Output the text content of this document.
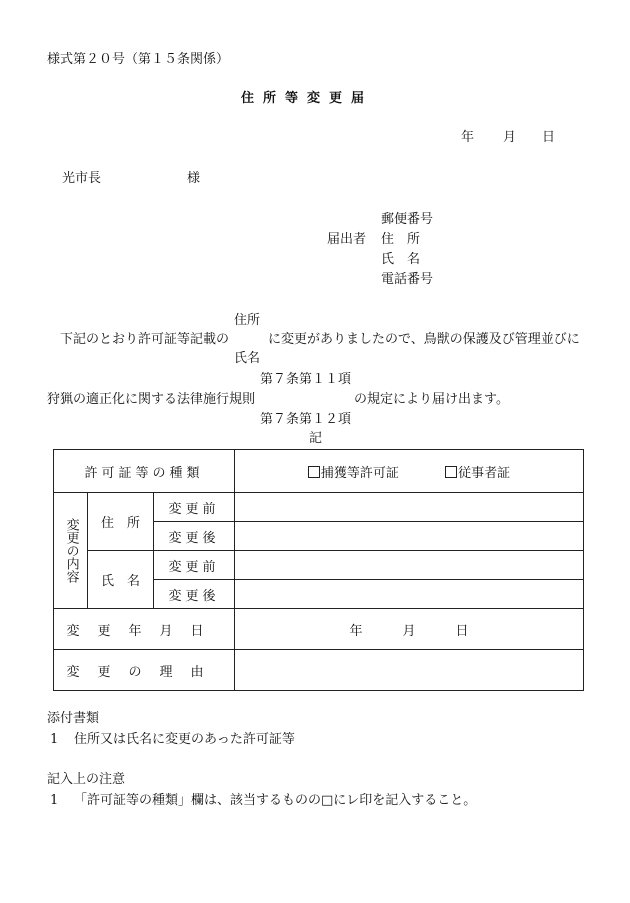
様式第２０号（第１５条関係）
住所等変更届
年 月 日
光市長	様
郵便番号
届出者 住　所
氏　名
電話番号
住所
下記のとおり許可証等記載の	に変更がありましたので、鳥獣の保護及び管理並びに
氏名
第７条第１１項
狩猟の適正化に関する法律施行規則	の規定により届け出ます。
第７条第１２項
記
許可証等の種類			捕獲等許可証 従事者証

変更の内容	住　所	変更前	
		変更後	
	氏　名	変更前	
		変更後	
変更年月日			年 月 日
変更の理由			
添付書類
1 住所又は氏名に変更のあった許可証等
記入上の注意
1 「許可証等の種類」欄は、該当するものの□にレ印を記入すること。
